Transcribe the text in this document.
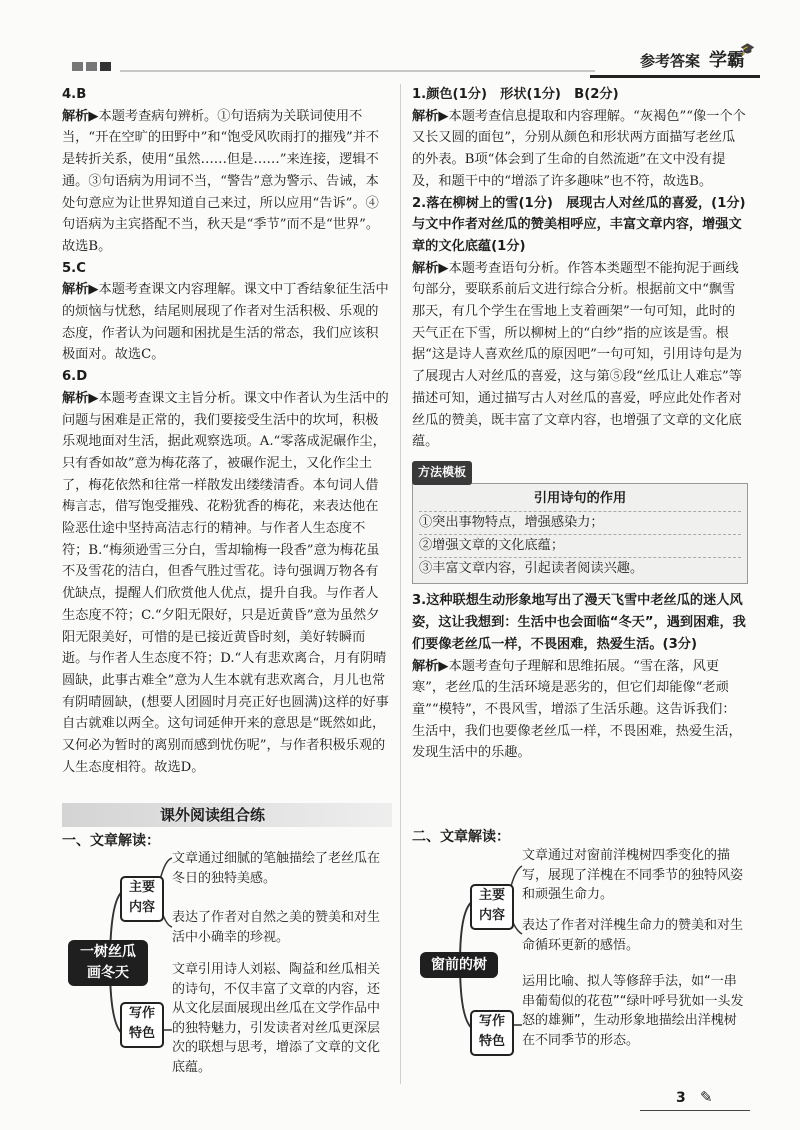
参考答案 学霸
🎓

4.B

解析▶本题考查病句辨析。①句语病为关联词使用不当，“开在空旷的田野中”和“饱受风吹雨打的摧残”并不是转折关系，使用“虽然……但是……”来连接，逻辑不通。③句语病为用词不当，“警告”意为警示、告诫，本处句意应为让世界知道自己来过，所以应用“告诉”。④句语病为主宾搭配不当，秋天是“季节”而不是“世界”。故选B。

5.C

解析▶本题考查课文内容理解。课文中丁香结象征生活中的烦恼与忧愁，结尾则展现了作者对生活积极、乐观的态度，作者认为问题和困扰是生活的常态，我们应该积极面对。故选C。

6.D

解析▶本题考查课文主旨分析。课文中作者认为生活中的问题与困难是正常的，我们要接受生活中的坎坷，积极乐观地面对生活，据此观察选项。A.“零落成泥碾作尘，只有香如故”意为梅花落了，被碾作泥土，又化作尘土了，梅花依然和往常一样散发出缕缕清香。本句词人借梅言志，借写饱受摧残、花粉犹香的梅花，来表达他在险恶仕途中坚持高洁志行的精神。与作者人生态度不符；B.“梅须逊雪三分白，雪却输梅一段香”意为梅花虽不及雪花的洁白，但香气胜过雪花。诗句强调万物各有优缺点，提醒人们欣赏他人优点，提升自我。与作者人生态度不符；C.“夕阳无限好，只是近黄昏”意为虽然夕阳无限美好，可惜的是已接近黄昏时刻，美好转瞬而逝。与作者人生态度不符；D.“人有悲欢离合，月有阴晴圆缺，此事古难全”意为人生本就有悲欢离合，月儿也常有阴晴圆缺，(想要人团圆时月亮正好也圆满)这样的好事自古就难以两全。这句词延伸开来的意思是“既然如此，又何必为暂时的离别而感到忧伤呢”，与作者积极乐观的人生态度相符。故选D。

课外阅读组合练
一、文章解读：
一树丝瓜
画冬天
主要
内容
写作
特色
文章通过细腻的笔触描绘了老丝瓜在冬日的独特美感。
表达了作者对自然之美的赞美和对生活中小确幸的珍视。
文章引用诗人刘崧、陶益和丝瓜相关的诗句，不仅丰富了文章的内容，还从文化层面展现出丝瓜在文学作品中的独特魅力，引发读者对丝瓜更深层次的联想与思考，增添了文章的文化底蕴。

1.颜色(1分)　形状(1分)　B(2分)

解析▶本题考查信息提取和内容理解。“灰褐色”“像一个个又长又圆的面包”，分别从颜色和形状两方面描写老丝瓜的外表。B项“体会到了生命的自然流逝”在文中没有提及，和题干中的“增添了许多趣味”也不符，故选B。

2.落在柳树上的雪(1分)　展现古人对丝瓜的喜爱，(1分)与文中作者对丝瓜的赞美相呼应，丰富文章内容，增强文章的文化底蕴(1分)

解析▶本题考查语句分析。作答本类题型不能拘泥于画线句部分，要联系前后文进行综合分析。根据前文中“飘雪那天，有几个学生在雪地上支着画架”一句可知，此时的天气正在下雪，所以柳树上的“白纱”指的应该是雪。根据“这是诗人喜欢丝瓜的原因吧”一句可知，引用诗句是为了展现古人对丝瓜的喜爱，这与第⑤段“丝瓜让人难忘”等描述可知，通过描写古人对丝瓜的喜爱，呼应此处作者对丝瓜的赞美，既丰富了文章内容，也增强了文章的文化底蕴。

方法模板
引用诗句的作用
①突出事物特点，增强感染力；
②增强文章的文化底蕴；
③丰富文章内容，引起读者阅读兴趣。

3.这种联想生动形象地写出了漫天飞雪中老丝瓜的迷人风姿，这让我想到：生活中也会面临“冬天”，遇到困难，我们要像老丝瓜一样，不畏困难，热爱生活。(3分)

解析▶本题考查句子理解和思维拓展。“雪在落，风更寒”，老丝瓜的生活环境是恶劣的，但它们却能像“老顽童”“模特”，不畏风雪，增添了生活乐趣。这告诉我们：生活中，我们也要像老丝瓜一样，不畏困难，热爱生活，发现生活中的乐趣。

二、文章解读：
窗前的树
主要
内容
写作
特色
文章通过对窗前洋槐树四季变化的描写，展现了洋槐在不同季节的独特风姿和顽强生命力。
表达了作者对洋槐生命力的赞美和对生命循环更新的感悟。
运用比喻、拟人等修辞手法，如“一串串葡萄似的花苞”“绿叶呼号犹如一头发怒的雄狮”，生动形象地描绘出洋槐树在不同季节的形态。
3 ✎
